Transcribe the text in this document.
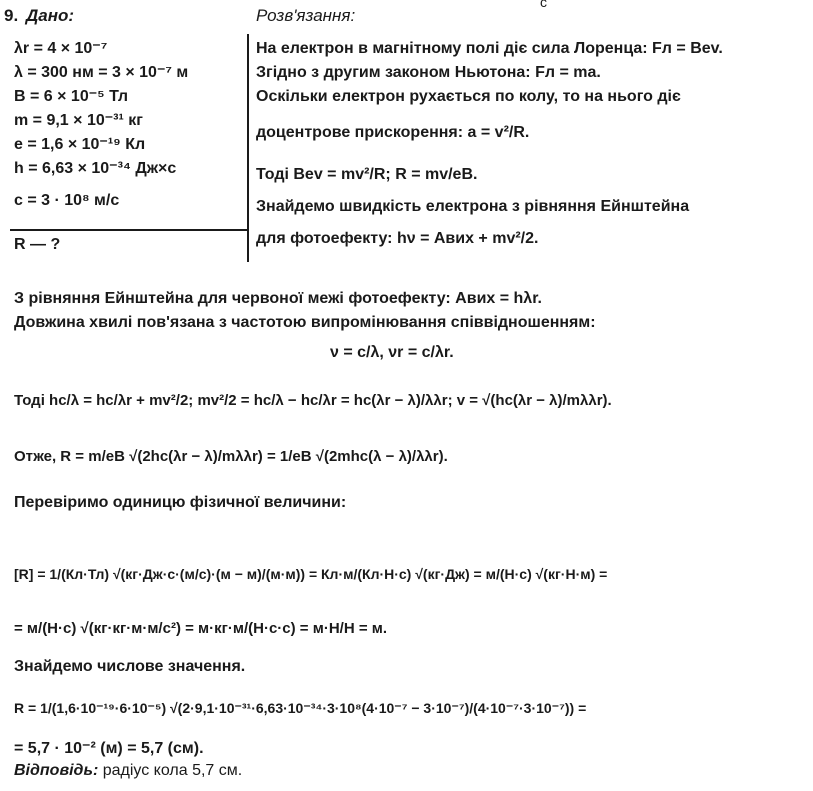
9. Дано:	Розв'язання:
c
λr = 4 × 10⁻⁷
λ = 300 нм = 3 × 10⁻⁷ м
B = 6 × 10⁻⁵ Тл
m = 9,1 × 10⁻³¹ кг
e = 1,6 × 10⁻¹⁹ Кл
h = 6,63 × 10⁻³⁴ Дж×с
c = 3 · 10⁸ м/с
R — ?
На електрон в магнітному полі діє сила Лоренца: Fл = Bev.
Згідно з другим законом Ньютона: Fл = ma.
Оскільки електрон рухається по колу, то на нього діє
доцентрове прискорення: a = v²/R.
Тоді Bev = mv²/R; R = mv/eB.
Знайдемо швидкість електрона з рівняння Ейнштейна
для фотоефекту: hν = Aвих + mv²/2.
З рівняння Ейнштейна для червоної межі фотоефекту: Aвих = hλr.
Довжина хвилі пов'язана з частотою випромінювання співвідношенням:
ν = c/λ, νr = c/λr.
Тоді hc/λ = hc/λr + mv²/2; mv²/2 = hc/λ − hc/λr = hc(λr − λ)/λλr; v = √(hc(λr − λ)/mλλr).
Отже, R = m/eB √(2hc(λr − λ)/mλλr) = 1/eB √(2mhc(λ − λ)/λλr).
Перевіримо одиницю фізичної величини:
[R] = 1/(Кл·Тл) √(кг·Дж·с·(м/с)·(м − м)/(м·м)) = Кл·м/(Кл·Н·с) √(кг·Дж) = м/(Н·с) √(кг·Н·м) =
= м/(Н·с) √(кг·кг·м·м/с²) = м·кг·м/(Н·с·с) = м·Н/Н = м.
Знайдемо числове значення.
R = 1/(1,6·10⁻¹⁹·6·10⁻⁵) √(2·9,1·10⁻³¹·6,63·10⁻³⁴·3·10⁸(4·10⁻⁷ − 3·10⁻⁷)/(4·10⁻⁷·3·10⁻⁷)) =
= 5,7 · 10⁻² (м) = 5,7 (см).
Відповідь: радіус кола 5,7 см.
